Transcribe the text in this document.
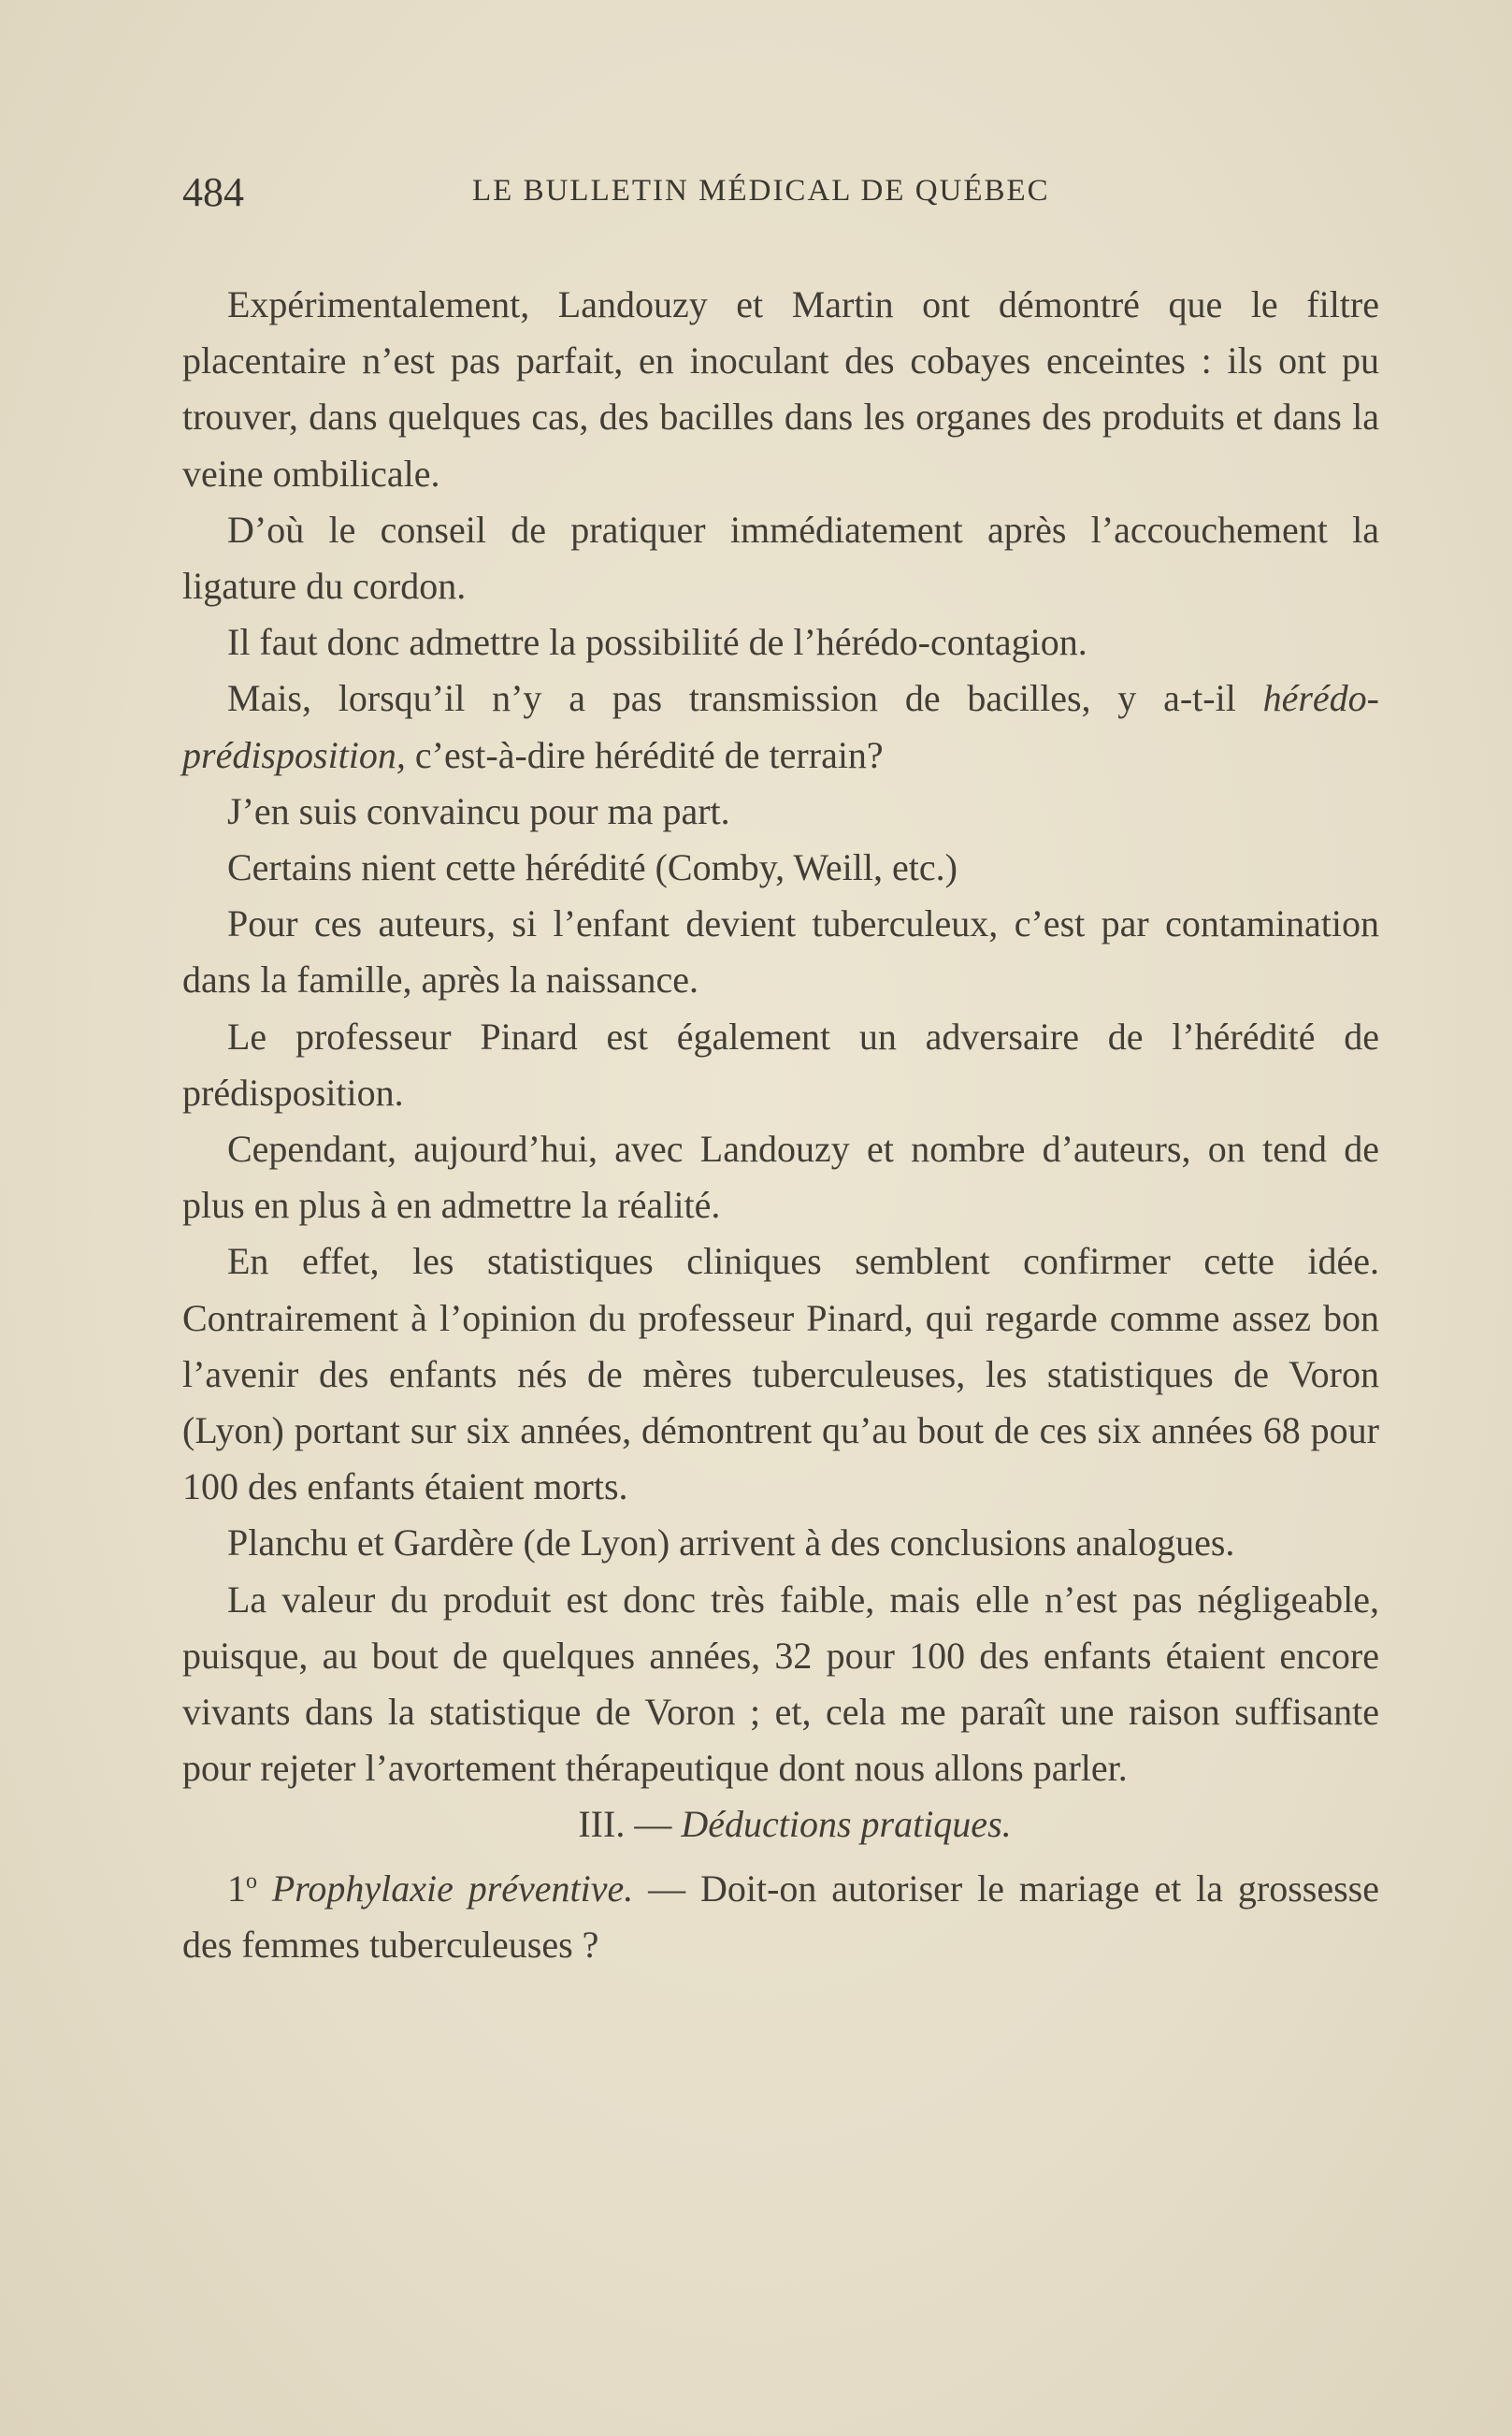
484	LE BULLETIN MÉDICAL DE QUÉBEC

Expérimentalement, Landouzy et Martin ont démontré que le filtre placentaire n’est pas parfait, en inoculant des cobayes enceintes : ils ont pu trouver, dans quelques cas, des bacilles dans les organes des produits et dans la veine ombilicale.

D’où le conseil de pratiquer immédiatement après l’accouchement la ligature du cordon.

Il faut donc admettre la possibilité de l’hérédo-contagion.

Mais, lorsqu’il n’y a pas transmission de bacilles, y a-t-il hérédo-prédisposition, c’est-à-dire hérédité de terrain?

J’en suis convaincu pour ma part.

Certains nient cette hérédité (Comby, Weill, etc.)

Pour ces auteurs, si l’enfant devient tuberculeux, c’est par contamination dans la famille, après la naissance.

Le professeur Pinard est également un adversaire de l’hérédité de prédisposition.

Cependant, aujourd’hui, avec Landouzy et nombre d’auteurs, on tend de plus en plus à en admettre la réalité.

En effet, les statistiques cliniques semblent confirmer cette idée. Contrairement à l’opinion du professeur Pinard, qui regarde comme assez bon l’avenir des enfants nés de mères tuberculeuses, les statistiques de Voron (Lyon) portant sur six années, démontrent qu’au bout de ces six années 68 pour 100 des enfants étaient morts.

Planchu et Gardère (de Lyon) arrivent à des conclusions analogues.

La valeur du produit est donc très faible, mais elle n’est pas négligeable, puisque, au bout de quelques années, 32 pour 100 des enfants étaient encore vivants dans la statistique de Voron ; et, cela me paraît une raison suffisante pour rejeter l’avortement thérapeutique dont nous allons parler.

III. — Déductions pratiques.

1$^o$ Prophylaxie préventive. — Doit-on autoriser le mariage et la grossesse des femmes tuberculeuses ?
